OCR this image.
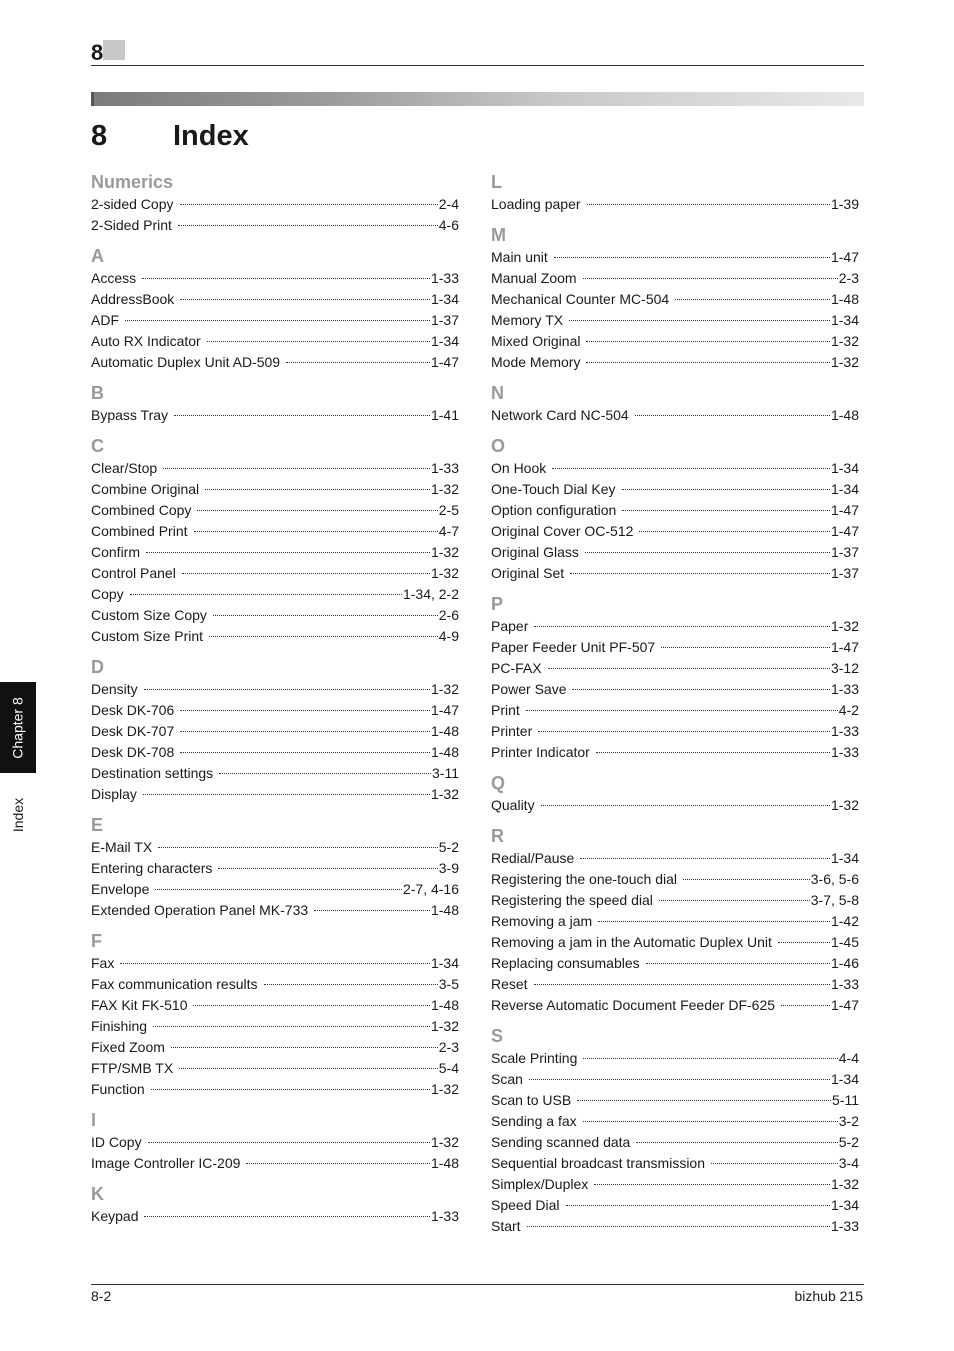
8
8 Index
Numerics
2-sided Copy	2-4
2-Sided Print	4-6
A
Access	1-33
AddressBook	1-34
ADF	1-37
Auto RX Indicator	1-34
Automatic Duplex Unit AD-509	1-47
B
Bypass Tray	1-41
C
Clear/Stop	1-33
Combine Original	1-32
Combined Copy	2-5
Combined Print	4-7
Confirm	1-32
Control Panel	1-32
Copy	1-34, 2-2
Custom Size Copy	2-6
Custom Size Print	4-9
D
Density	1-32
Desk DK-706	1-47
Desk DK-707	1-48
Desk DK-708	1-48
Destination settings	3-11
Display	1-32
E
E-Mail TX	5-2
Entering characters	3-9
Envelope	2-7, 4-16
Extended Operation Panel MK-733	1-48
F
Fax	1-34
Fax communication results	3-5
FAX Kit FK-510	1-48
Finishing	1-32
Fixed Zoom	2-3
FTP/SMB TX	5-4
Function	1-32
I
ID Copy	1-32
Image Controller IC-209	1-48
K
Keypad	1-33
L
Loading paper	1-39
M
Main unit	1-47
Manual Zoom	2-3
Mechanical Counter MC-504	1-48
Memory TX	1-34
Mixed Original	1-32
Mode Memory	1-32
N
Network Card NC-504	1-48
O
On Hook	1-34
One-Touch Dial Key	1-34
Option configuration	1-47
Original Cover OC-512	1-47
Original Glass	1-37
Original Set	1-37
P
Paper	1-32
Paper Feeder Unit PF-507	1-47
PC-FAX	3-12
Power Save	1-33
Print	4-2
Printer	1-33
Printer Indicator	1-33
Q
Quality	1-32
R
Redial/Pause	1-34
Registering the one-touch dial	3-6, 5-6
Registering the speed dial	3-7, 5-8
Removing a jam	1-42
Removing a jam in the Automatic Duplex Unit	1-45
Replacing consumables	1-46
Reset	1-33
Reverse Automatic Document Feeder DF-625	1-47
S
Scale Printing	4-4
Scan	1-34
Scan to USB	5-11
Sending a fax	3-2
Sending scanned data	5-2
Sequential broadcast transmission	3-4
Simplex/Duplex	1-32
Speed Dial	1-34
Start	1-33
Chapter 8
Index
8-2	bizhub 215
